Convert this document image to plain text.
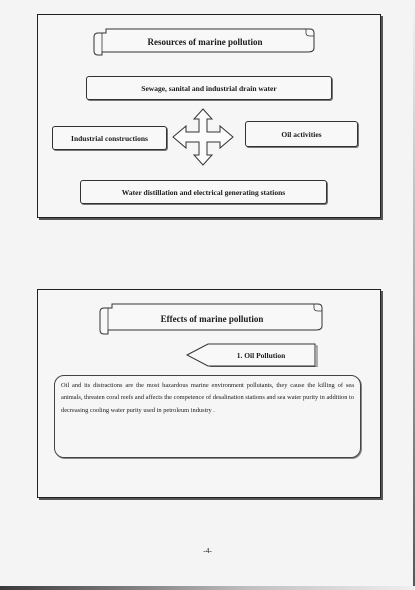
Resources of marine pollution
Sewage, sanital and industrial drain water
Industrial constructions	Oil activities
Water distillation and electrical generating stations
Effects of marine pollution
1. Oil Pollution
Oil and its distractions are the most hazardous marine environment pollutants, they cause the killing of sea animals, threaten coral reefs and affects the competence of desalination stations and sea water purity in addition to decreasing cooling water purity used in petroleum industry .
-4-
